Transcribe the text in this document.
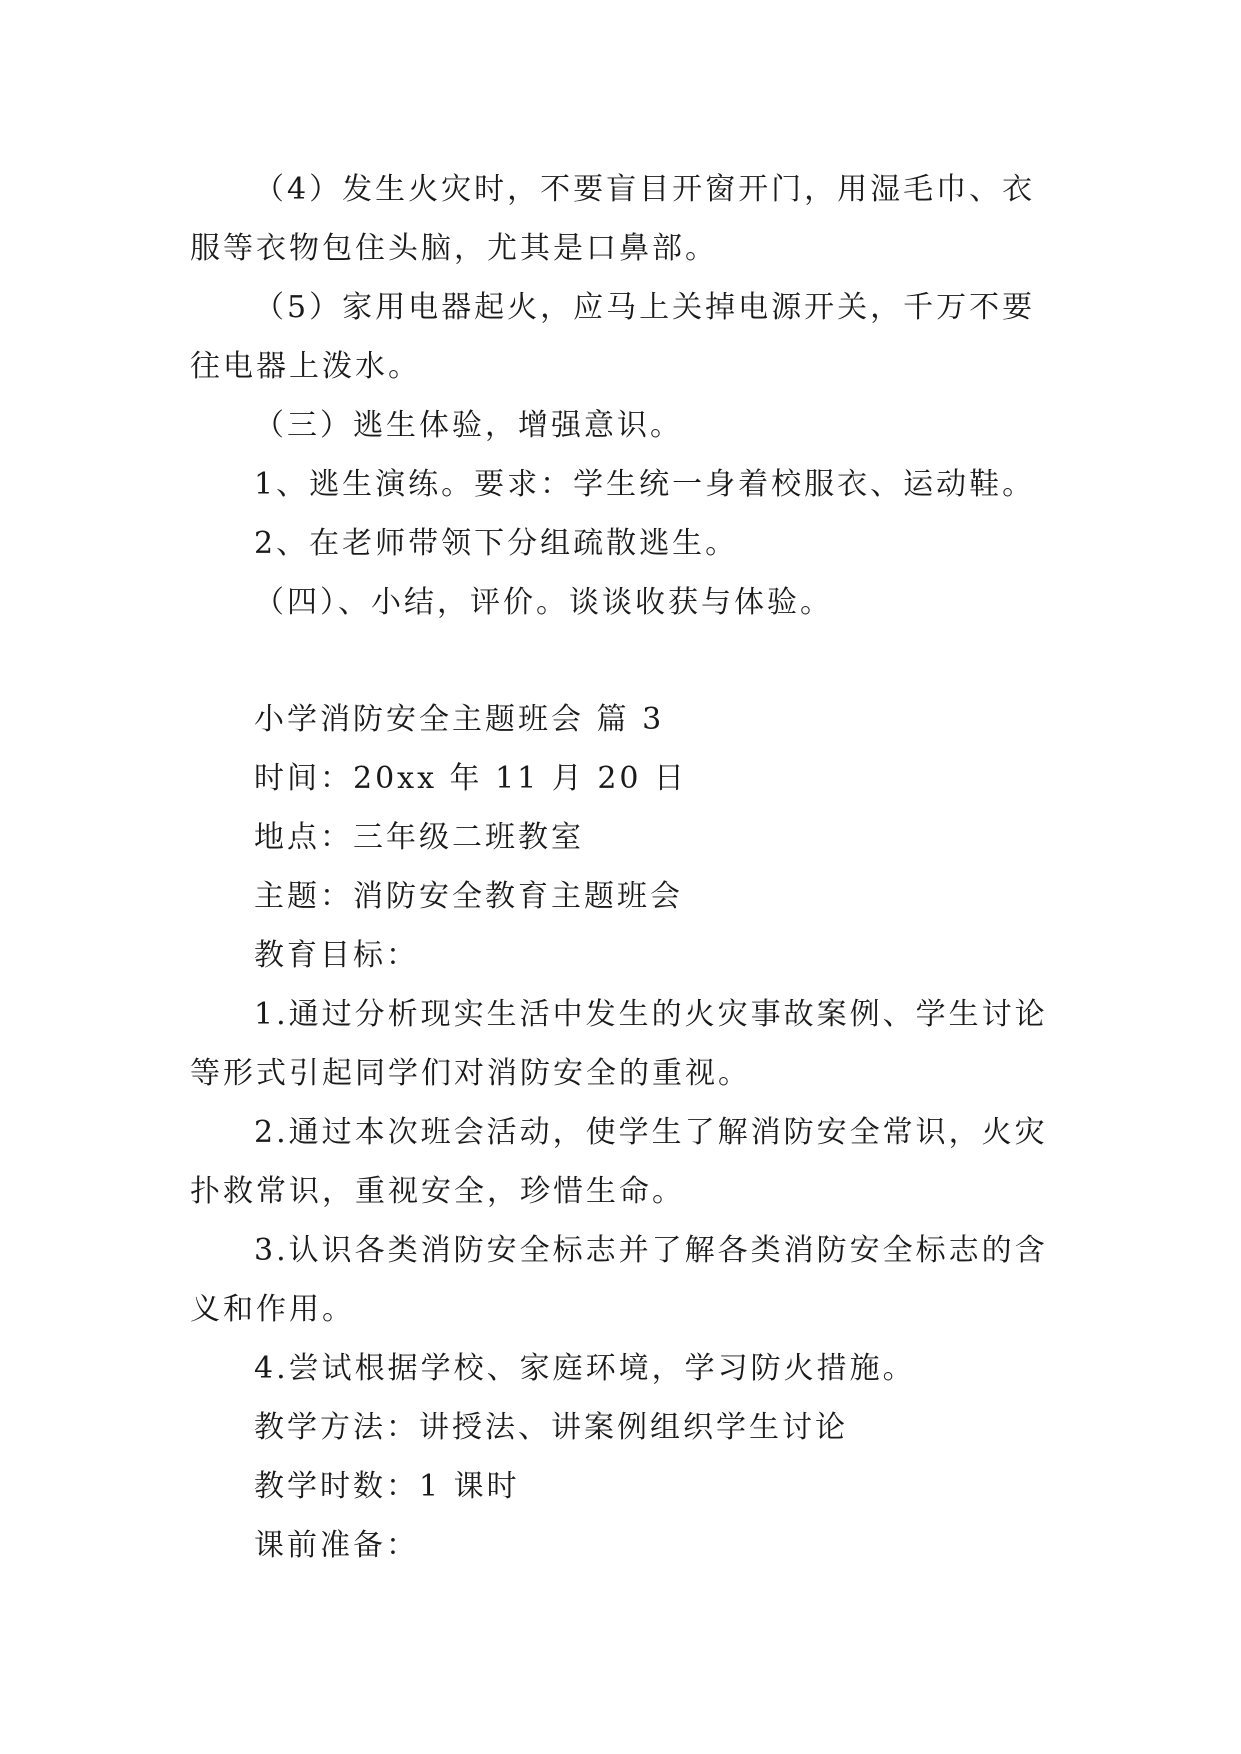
（4）发生火灾时，不要盲目开窗开门，用湿毛巾、衣服等衣物包住头脑，尤其是口鼻部。

（5）家用电器起火，应马上关掉电源开关，千万不要往电器上泼水。

（三）逃生体验，增强意识。

1、逃生演练。要求：学生统一身着校服衣、运动鞋。

2、在老师带领下分组疏散逃生。

（四）、小结，评价。谈谈收获与体验。

小学消防安全主题班会 篇 3

时间：20xx 年 11 月 20 日

地点：三年级二班教室

主题：消防安全教育主题班会

教育目标：

1.通过分析现实生活中发生的火灾事故案例、学生讨论等形式引起同学们对消防安全的重视。

2.通过本次班会活动，使学生了解消防安全常识，火灾扑救常识，重视安全，珍惜生命。

3.认识各类消防安全标志并了解各类消防安全标志的含义和作用。

4.尝试根据学校、家庭环境，学习防火措施。

教学方法：讲授法、讲案例组织学生讨论

教学时数：1 课时

课前准备：
